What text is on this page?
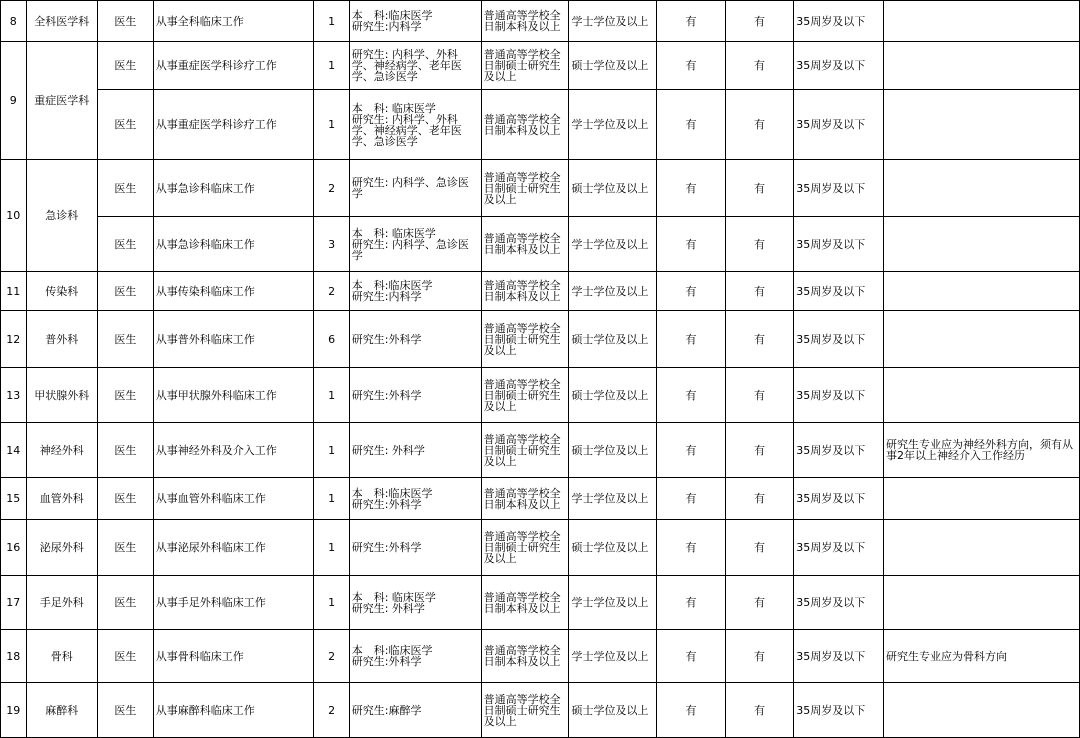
8	全科医学科	医生	从事全科临床工作	1	本　科:临床医学
研究生:内科学	普通高等学校全日制本科及以上	学士学位及以上	有	有	35周岁及以下	
9	重症医学科	医生	从事重症医学科诊疗工作	1	研究生: 内科学、外科学、神经病学、老年医学、急诊医学	普通高等学校全日制硕士研究生及以上	硕士学位及以上	有	有	35周岁及以下	
		医生	从事重症医学科诊疗工作	1	本　科: 临床医学
研究生: 内科学、外科学、神经病学、老年医学、急诊医学	普通高等学校全日制本科及以上	学士学位及以上	有	有	35周岁及以下	
10	急诊科	医生	从事急诊科临床工作	2	研究生: 内科学、急诊医学	普通高等学校全日制硕士研究生及以上	硕士学位及以上	有	有	35周岁及以下	
		医生	从事急诊科临床工作	3	本　科: 临床医学
研究生: 内科学、急诊医学	普通高等学校全日制本科及以上	学士学位及以上	有	有	35周岁及以下	
11	传染科	医生	从事传染科临床工作	2	本　科:临床医学
研究生:内科学	普通高等学校全日制本科及以上	学士学位及以上	有	有	35周岁及以下	
12	普外科	医生	从事普外科临床工作	6	研究生:外科学	普通高等学校全日制硕士研究生及以上	硕士学位及以上	有	有	35周岁及以下	
13	甲状腺外科	医生	从事甲状腺外科临床工作	1	研究生:外科学	普通高等学校全日制硕士研究生及以上	硕士学位及以上	有	有	35周岁及以下	
14	神经外科	医生	从事神经外科及介入工作	1	研究生: 外科学	普通高等学校全日制硕士研究生及以上	硕士学位及以上	有	有	35周岁及以下	研究生专业应为神经外科方向，须有从事2年以上神经介入工作经历
15	血管外科	医生	从事血管外科临床工作	1	本　科:临床医学
研究生:外科学	普通高等学校全日制本科及以上	学士学位及以上	有	有	35周岁及以下	
16	泌尿外科	医生	从事泌尿外科临床工作	1	研究生:外科学	普通高等学校全日制硕士研究生及以上	硕士学位及以上	有	有	35周岁及以下	
17	手足外科	医生	从事手足外科临床工作	1	本　科: 临床医学
研究生: 外科学	普通高等学校全日制本科及以上	学士学位及以上	有	有	35周岁及以下	
18	骨科	医生	从事骨科临床工作	2	本　科:临床医学
研究生:外科学	普通高等学校全日制本科及以上	学士学位及以上	有	有	35周岁及以下	研究生专业应为骨科方向
19	麻醉科	医生	从事麻醉科临床工作	2	研究生:麻醉学	普通高等学校全日制硕士研究生及以上	硕士学位及以上	有	有	35周岁及以下	
